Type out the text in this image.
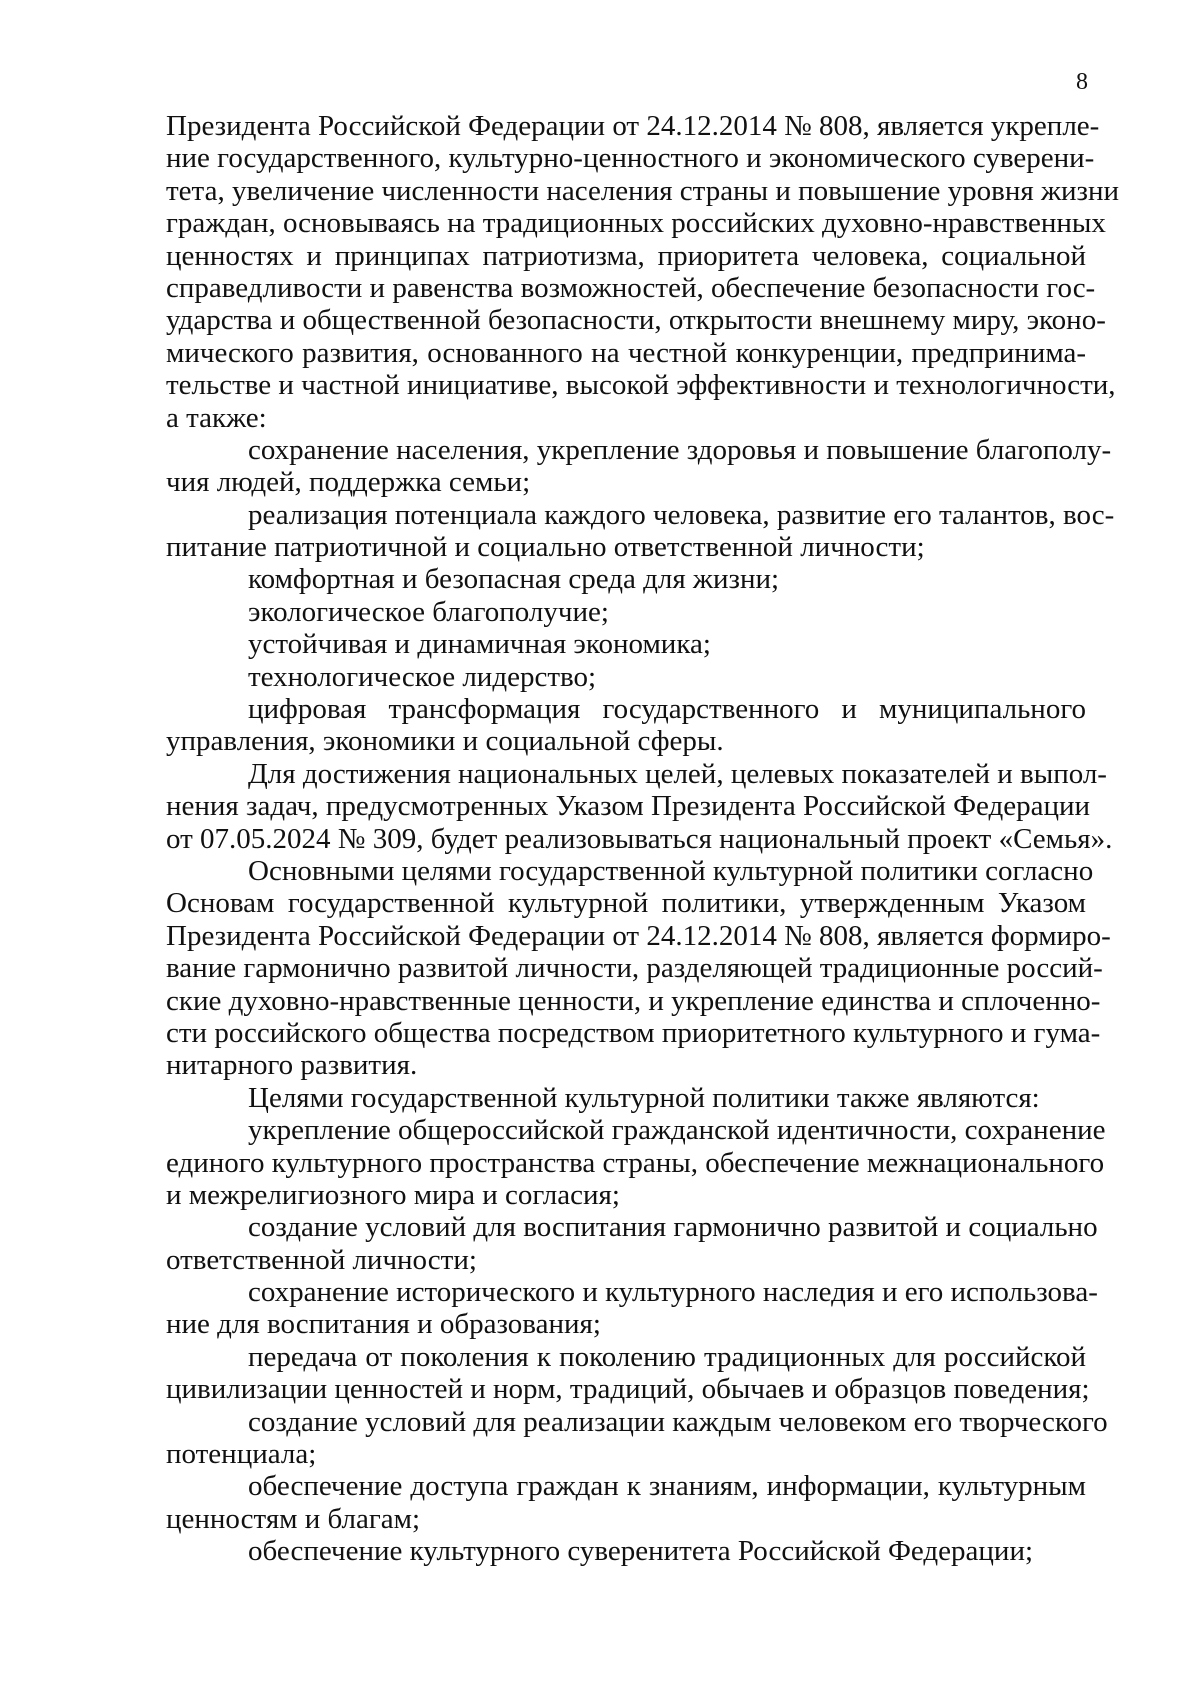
8
Президента Российской Федерации от 24.12.2014 № 808, является укрепле-
ние государственного, культурно-ценностного и экономического суверени-
тета, увеличение численности населения страны и повышение уровня жизни
граждан, основываясь на традиционных российских духовно-нравственных
ценностях и принципах патриотизма, приоритета человека, социальной
справедливости и равенства возможностей, обеспечение безопасности гос-
ударства и общественной безопасности, открытости внешнему миру, эконо-
мического развития, основанного на честной конкуренции, предпринима-
тельстве и частной инициативе, высокой эффективности и технологичности,
а также:
сохранение населения, укрепление здоровья и повышение благополу-
чия людей, поддержка семьи;
реализация потенциала каждого человека, развитие его талантов, вос-
питание патриотичной и социально ответственной личности;
комфортная и безопасная среда для жизни;
экологическое благополучие;
устойчивая и динамичная экономика;
технологическое лидерство;
цифровая трансформация государственного и муниципального
управления, экономики и социальной сферы.
Для достижения национальных целей, целевых показателей и выпол-
нения задач, предусмотренных Указом Президента Российской Федерации
от 07.05.2024 № 309, будет реализовываться национальный проект «Семья».
Основными целями государственной культурной политики согласно
Основам государственной культурной политики, утвержденным Указом
Президента Российской Федерации от 24.12.2014 № 808, является формиро-
вание гармонично развитой личности, разделяющей традиционные россий-
ские духовно-нравственные ценности, и укрепление единства и сплоченно-
сти российского общества посредством приоритетного культурного и гума-
нитарного развития.
Целями государственной культурной политики также являются:
укрепление общероссийской гражданской идентичности, сохранение
единого культурного пространства страны, обеспечение межнационального
и межрелигиозного мира и согласия;
создание условий для воспитания гармонично развитой и социально
ответственной личности;
сохранение исторического и культурного наследия и его использова-
ние для воспитания и образования;
передача от поколения к поколению традиционных для российской
цивилизации ценностей и норм, традиций, обычаев и образцов поведения;
создание условий для реализации каждым человеком его творческого
потенциала;
обеспечение доступа граждан к знаниям, информации, культурным
ценностям и благам;
обеспечение культурного суверенитета Российской Федерации;
